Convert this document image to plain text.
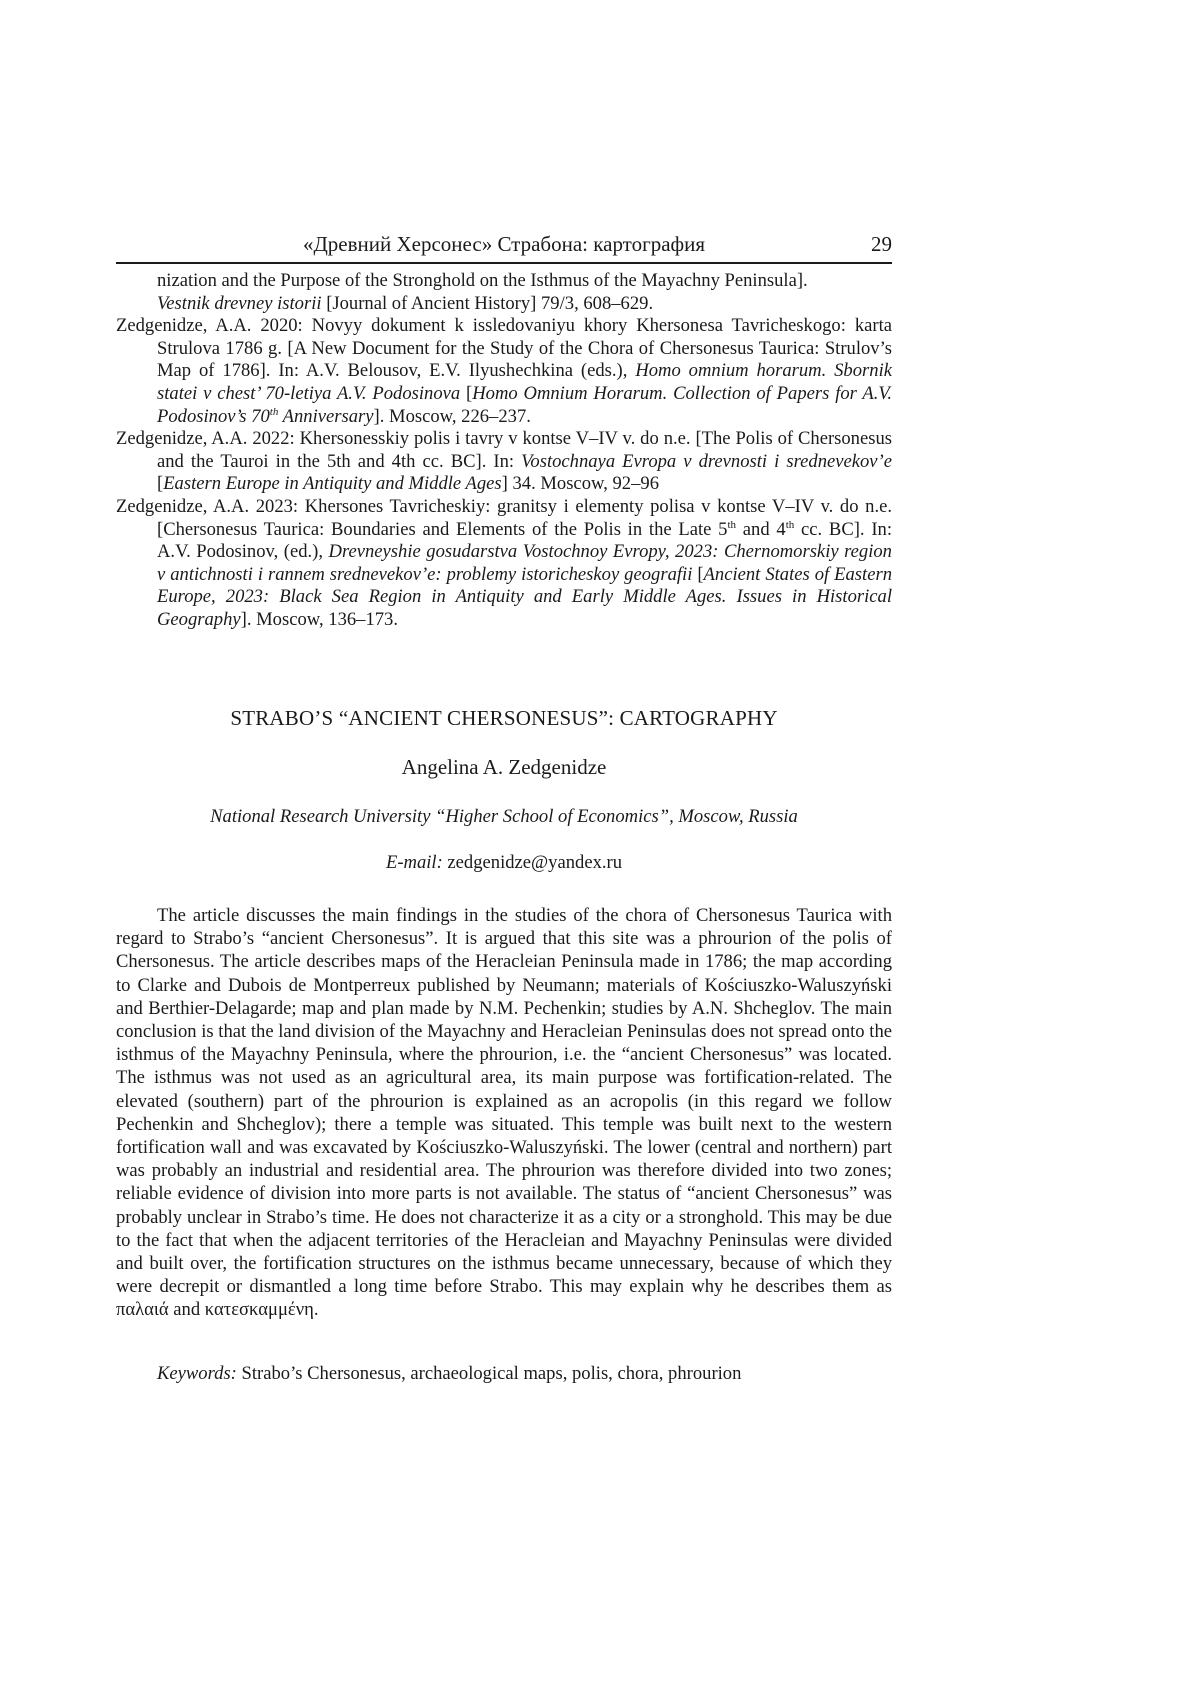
«Древний Херсонес» Страбона: картография	29

nization and the Purpose of the Stronghold on the Isthmus of the Mayachny Peninsula].
Vestnik drevney istorii [Journal of Ancient History] 79/3, 608–629.

Zedgenidze, A.A. 2020: Novyy dokument k issledovaniyu khory Khersonesa Tavricheskogo: karta Strulova 1786 g. [A New Document for the Study of the Chora of Chersonesus Taurica: Strulov’s Map of 1786]. In: A.V. Belousov, E.V. Ilyushechkina (eds.), Homo omnium horarum. Sbornik statei v chest’ 70-letiya A.V. Podosinova [Homo Omnium Horarum. Collection of Papers for A.V. Podosinov’s 70th Anniversary]. Moscow, 226–237.

Zedgenidze, A.A. 2022: Khersonesskiy polis i tavry v kontse V–IV v. do n.e. [The Polis of Chersonesus and the Tauroi in the 5th and 4th cc. BC]. In: Vostochnaya Evropa v drevnosti i srednevekov’e [Eastern Europe in Antiquity and Middle Ages] 34. Moscow, 92–96

Zedgenidze, A.A. 2023: Khersones Tavricheskiy: granitsy i elementy polisa v kontse V–IV v. do n.e. [Chersonesus Taurica: Boundaries and Elements of the Polis in the Late 5th and 4th cc. BC]. In: A.V. Podosinov, (ed.), Drevneyshie gosudarstva Vostochnoy Evropy, 2023: Chernomorskiy region v antichnosti i rannem srednevekov’e: problemy istoricheskoy geografii [Ancient States of Eastern Europe, 2023: Black Sea Region in Antiquity and Early Middle Ages. Issues in Historical Geography]. Moscow, 136–173.

STRABO’S “ANCIENT CHERSONESUS”: CARTOGRAPHY
Angelina A. Zedgenidze
National Research University “Higher School of Economics”, Moscow, Russia
E-mail: zedgenidze@yandex.ru

The article discusses the main findings in the studies of the chora of Chersonesus Taurica with regard to Strabo’s “ancient Chersonesus”. It is argued that this site was a phrourion of the polis of Chersonesus. The article describes maps of the Heracleian Peninsula made in 1786; the map according to Clarke and Dubois de Montperreux published by Neumann; materials of Kościuszko-Waluszyński and Berthier-Delagarde; map and plan made by N.M. Pechenkin; studies by A.N. Shcheglov. The main conclusion is that the land division of the Mayachny and Heracleian Peninsulas does not spread onto the isthmus of the Mayachny Peninsula, where the phrourion, i.e. the “ancient Chersonesus” was located. The isthmus was not used as an agricultural area, its main purpose was fortification-related. The elevated (southern) part of the phrourion is explained as an acropolis (in this regard we follow Pechenkin and Shcheglov); there a temple was situated. This temple was built next to the western fortification wall and was excavated by Kościuszko-Waluszyński. The lower (central and northern) part was probably an industrial and residential area. The phrourion was therefore divided into two zones; reliable evidence of division into more parts is not available. The status of “ancient Chersonesus” was probably unclear in Strabo’s time. He does not characterize it as a city or a stronghold. This may be due to the fact that when the adjacent territories of the Heracleian and Mayachny Peninsulas were divided and built over, the fortification structures on the isthmus became unnecessary, because of which they were decrepit or dismantled a long time before Strabo. This may explain why he describes them as παλαιά and κατεσκαμμένη.

Keywords: Strabo’s Chersonesus, archaeological maps, polis, chora, phrourion
